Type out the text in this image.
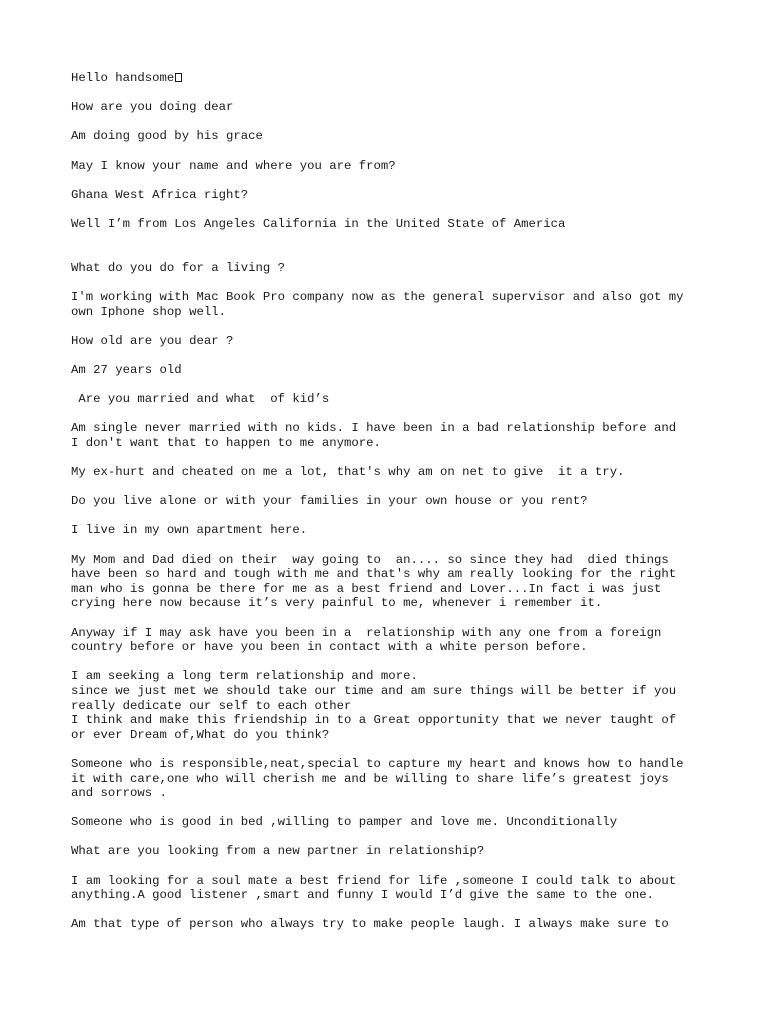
Hello handsome
How are you doing dear
Am doing good by his grace
May I know your name and where you are from?
Ghana West Africa right?
Well I’m from Los Angeles California in the United State of America
What do you do for a living ?
I'm working with Mac Book Pro company now as the general supervisor and also got my
own Iphone shop well.
How old are you dear ?
Am 27 years old
Are you married and what  of kid’s
Am single never married with no kids. I have been in a bad relationship before and
I don't want that to happen to me anymore.
My ex-hurt and cheated on me a lot, that's why am on net to give  it a try.
Do you live alone or with your families in your own house or you rent?
I live in my own apartment here.
My Mom and Dad died on their  way going to  an.... so since they had  died things
have been so hard and tough with me and that's why am really looking for the right
man who is gonna be there for me as a best friend and Lover...In fact i was just
crying here now because it’s very painful to me, whenever i remember it.
Anyway if I may ask have you been in a  relationship with any one from a foreign
country before or have you been in contact with a white person before.
I am seeking a long term relationship and more.
since we just met we should take our time and am sure things will be better if you
really dedicate our self to each other
I think and make this friendship in to a Great opportunity that we never taught of
or ever Dream of,What do you think?
Someone who is responsible,neat,special to capture my heart and knows how to handle
it with care,one who will cherish me and be willing to share life’s greatest joys
and sorrows .
Someone who is good in bed ,willing to pamper and love me. Unconditionally
What are you looking from a new partner in relationship?
I am looking for a soul mate a best friend for life ,someone I could talk to about
anything.A good listener ,smart and funny I would I’d give the same to the one.
Am that type of person who always try to make people laugh. I always make sure to
